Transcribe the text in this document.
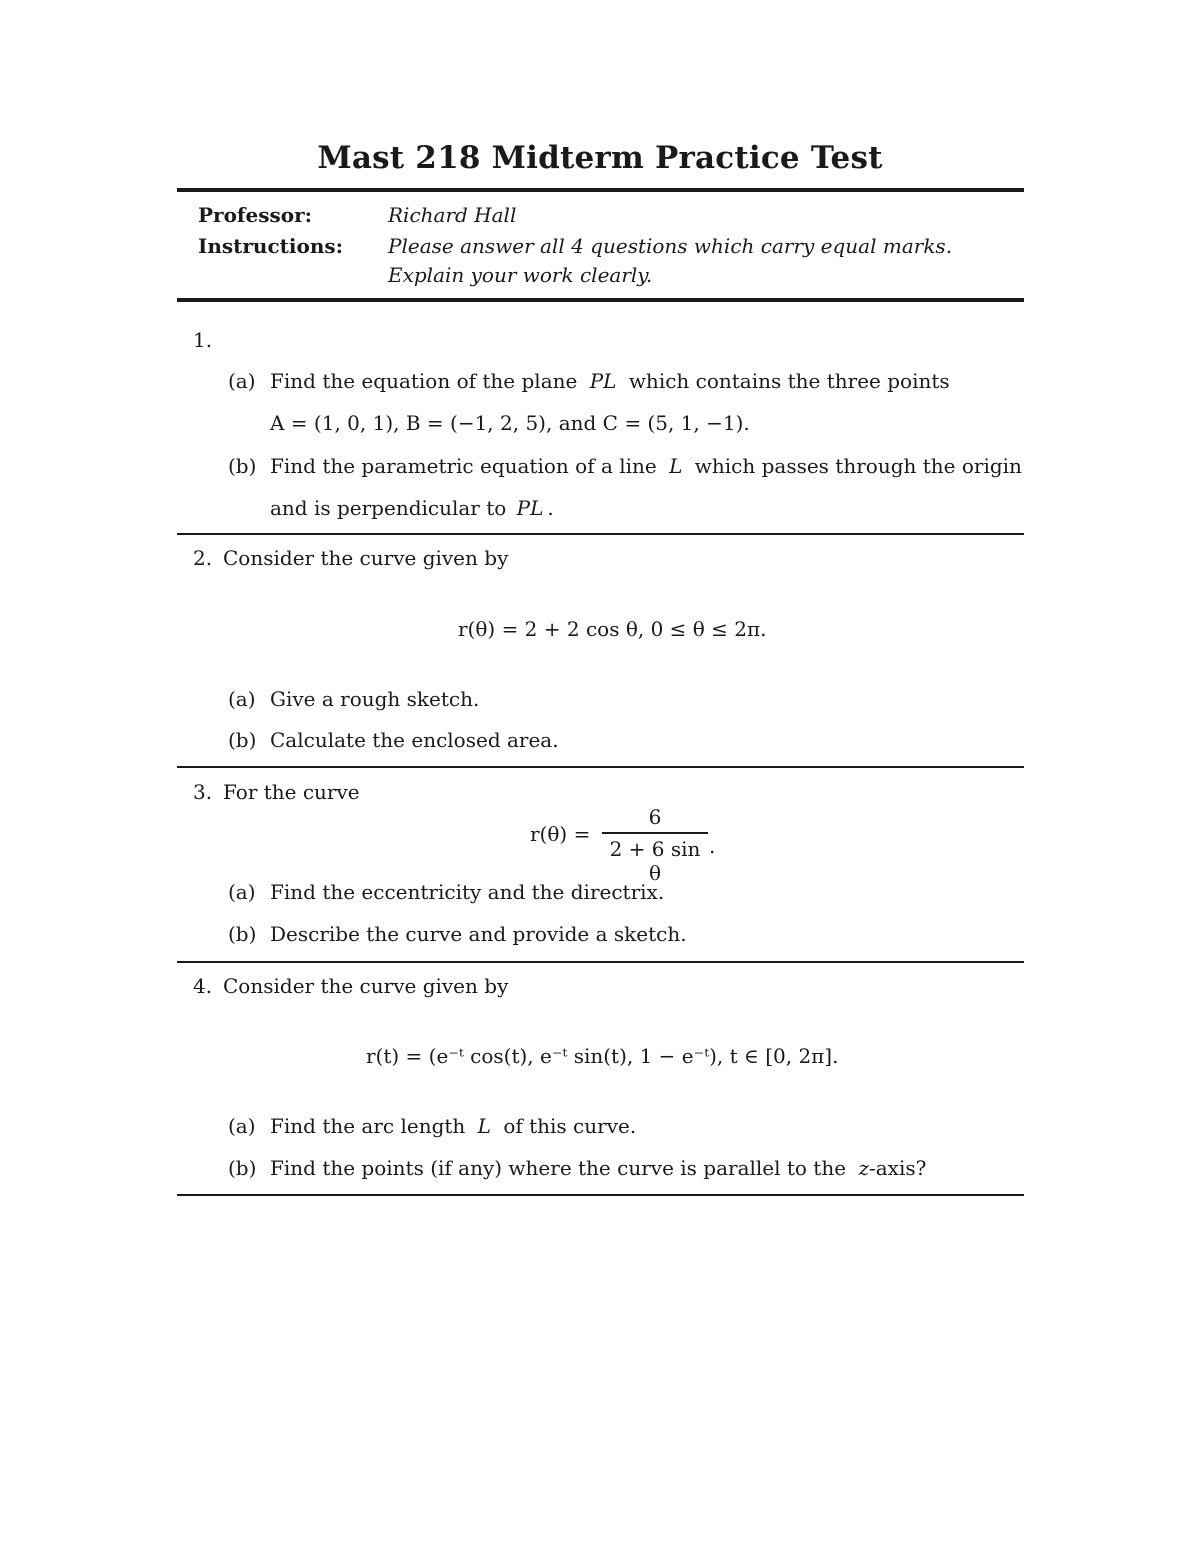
Mast 218 Midterm Practice Test
Professor:	Richard Hall
Instructions: Please answer all 4 questions which carry equal marks.
Explain your work clearly.
1.
(a) Find the equation of the plane PL which contains the three points
A = (1, 0, 1), B = (−1, 2, 5), and C = (5, 1, −1).
(b) Find the parametric equation of a line L which passes through the origin
and is perpendicular to PL .
2. Consider the curve given by
r(θ) = 2 + 2 cos θ, 0 ≤ θ ≤ 2π.
(a) Give a rough sketch.
(b) Calculate the enclosed area.
3. For the curve
r(θ) =
6
2 + 6 sin θ
.
(a) Find the eccentricity and the directrix.
(b) Describe the curve and provide a sketch.
4. Consider the curve given by
r(t) = (e⁻ᵗ cos(t), e⁻ᵗ sin(t), 1 − e⁻ᵗ), t ∈ [0, 2π].
(a) Find the arc length L of this curve.
(b) Find the points (if any) where the curve is parallel to the z-axis?
